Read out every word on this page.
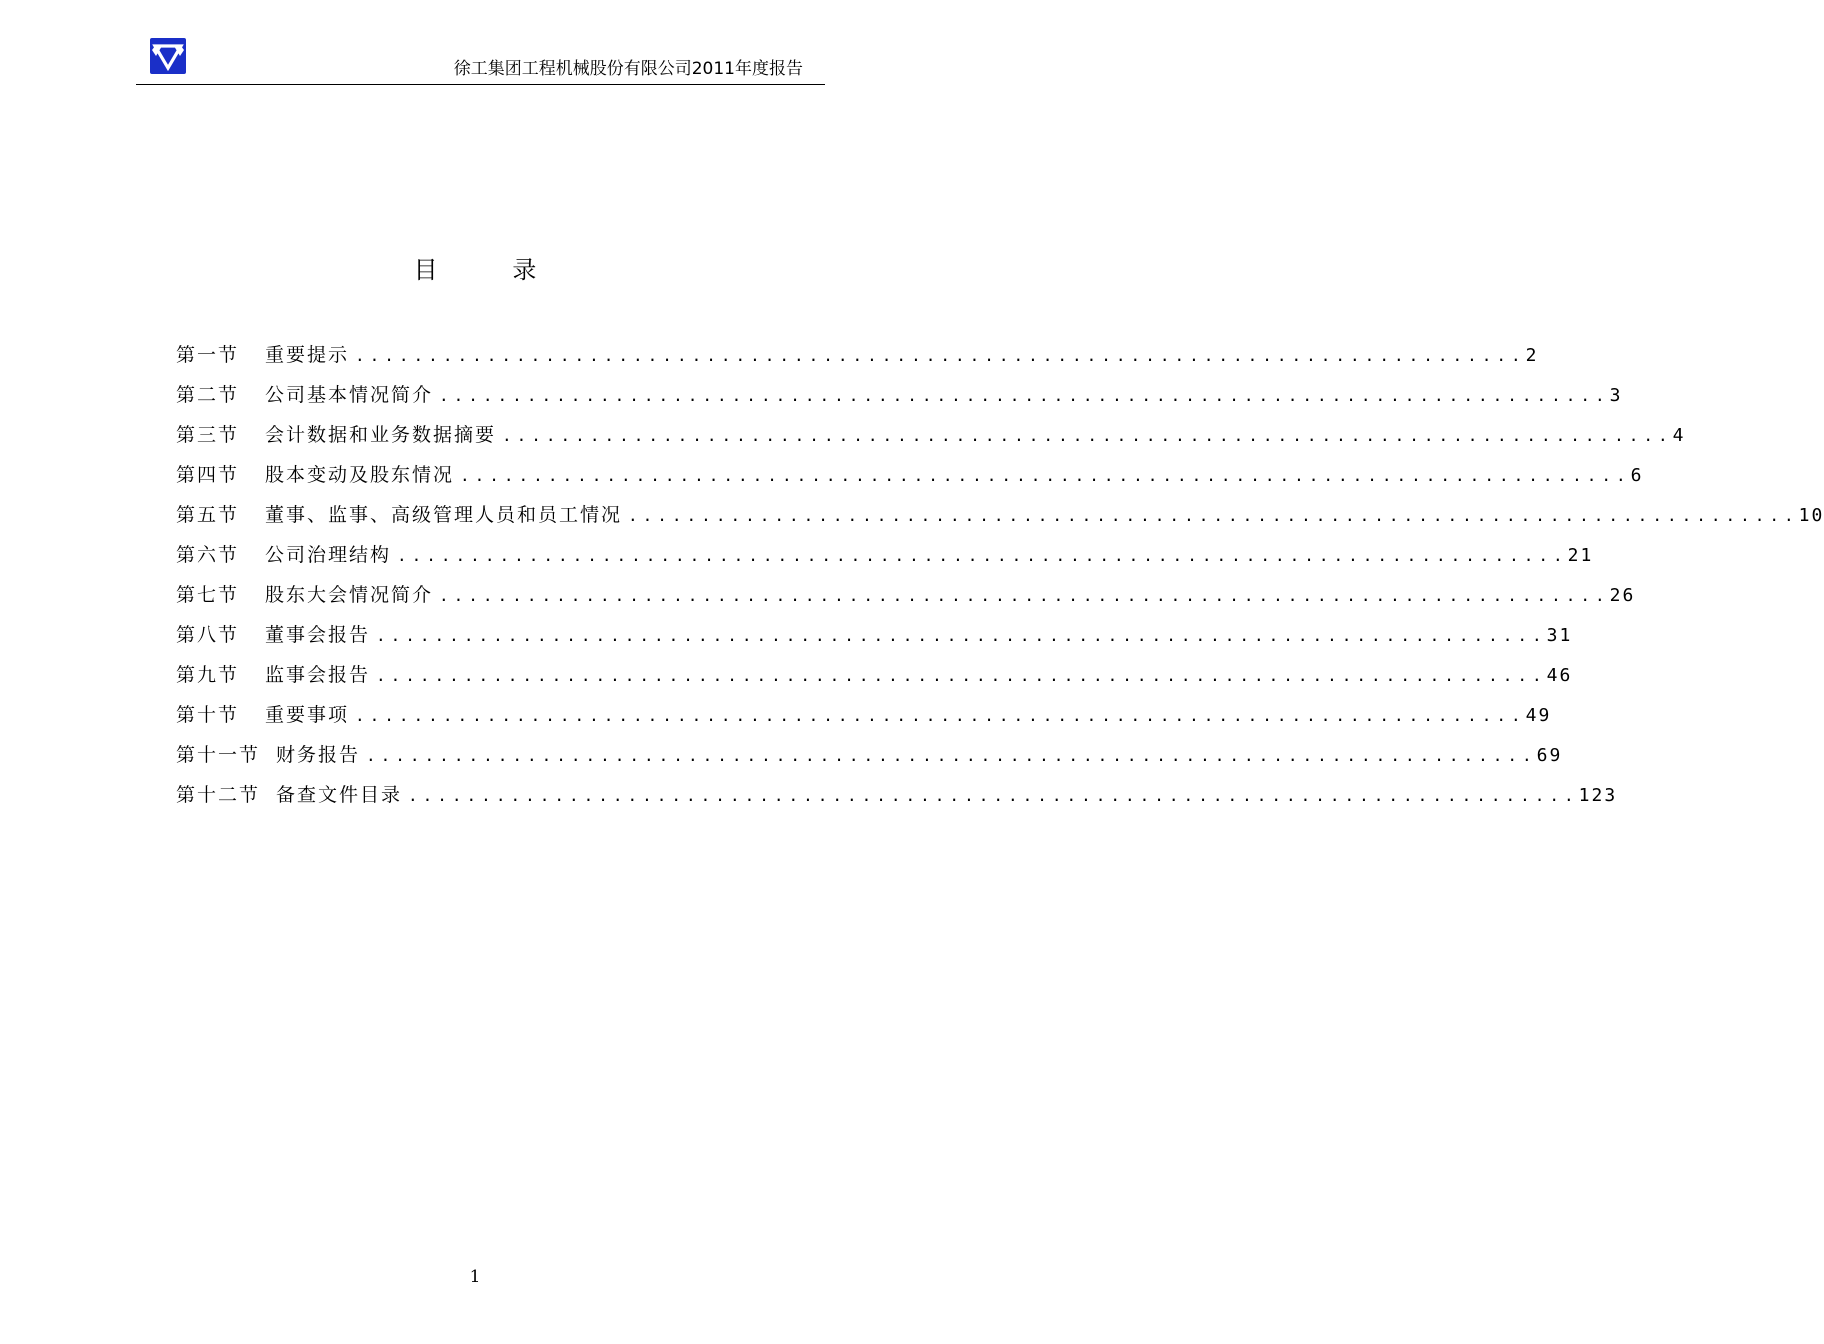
徐工集团工程机械股份有限公司2011年度报告
目 录
第一节	重要提示 ................................................................................ 2
第二节	公司基本情况简介 ................................................................................ 3
第三节	会计数据和业务数据摘要 ................................................................................ 4
第四节	股本变动及股东情况 ................................................................................ 6
第五节	董事、监事、高级管理人员和员工情况 ................................................................................ 10
第六节	公司治理结构 ................................................................................ 21
第七节	股东大会情况简介 ................................................................................ 26
第八节	董事会报告 ................................................................................ 31
第九节	监事会报告 ................................................................................ 46
第十节	重要事项 ................................................................................ 49
第十一节 财务报告 ................................................................................ 69
第十二节 备查文件目录 ................................................................................ 123
1
